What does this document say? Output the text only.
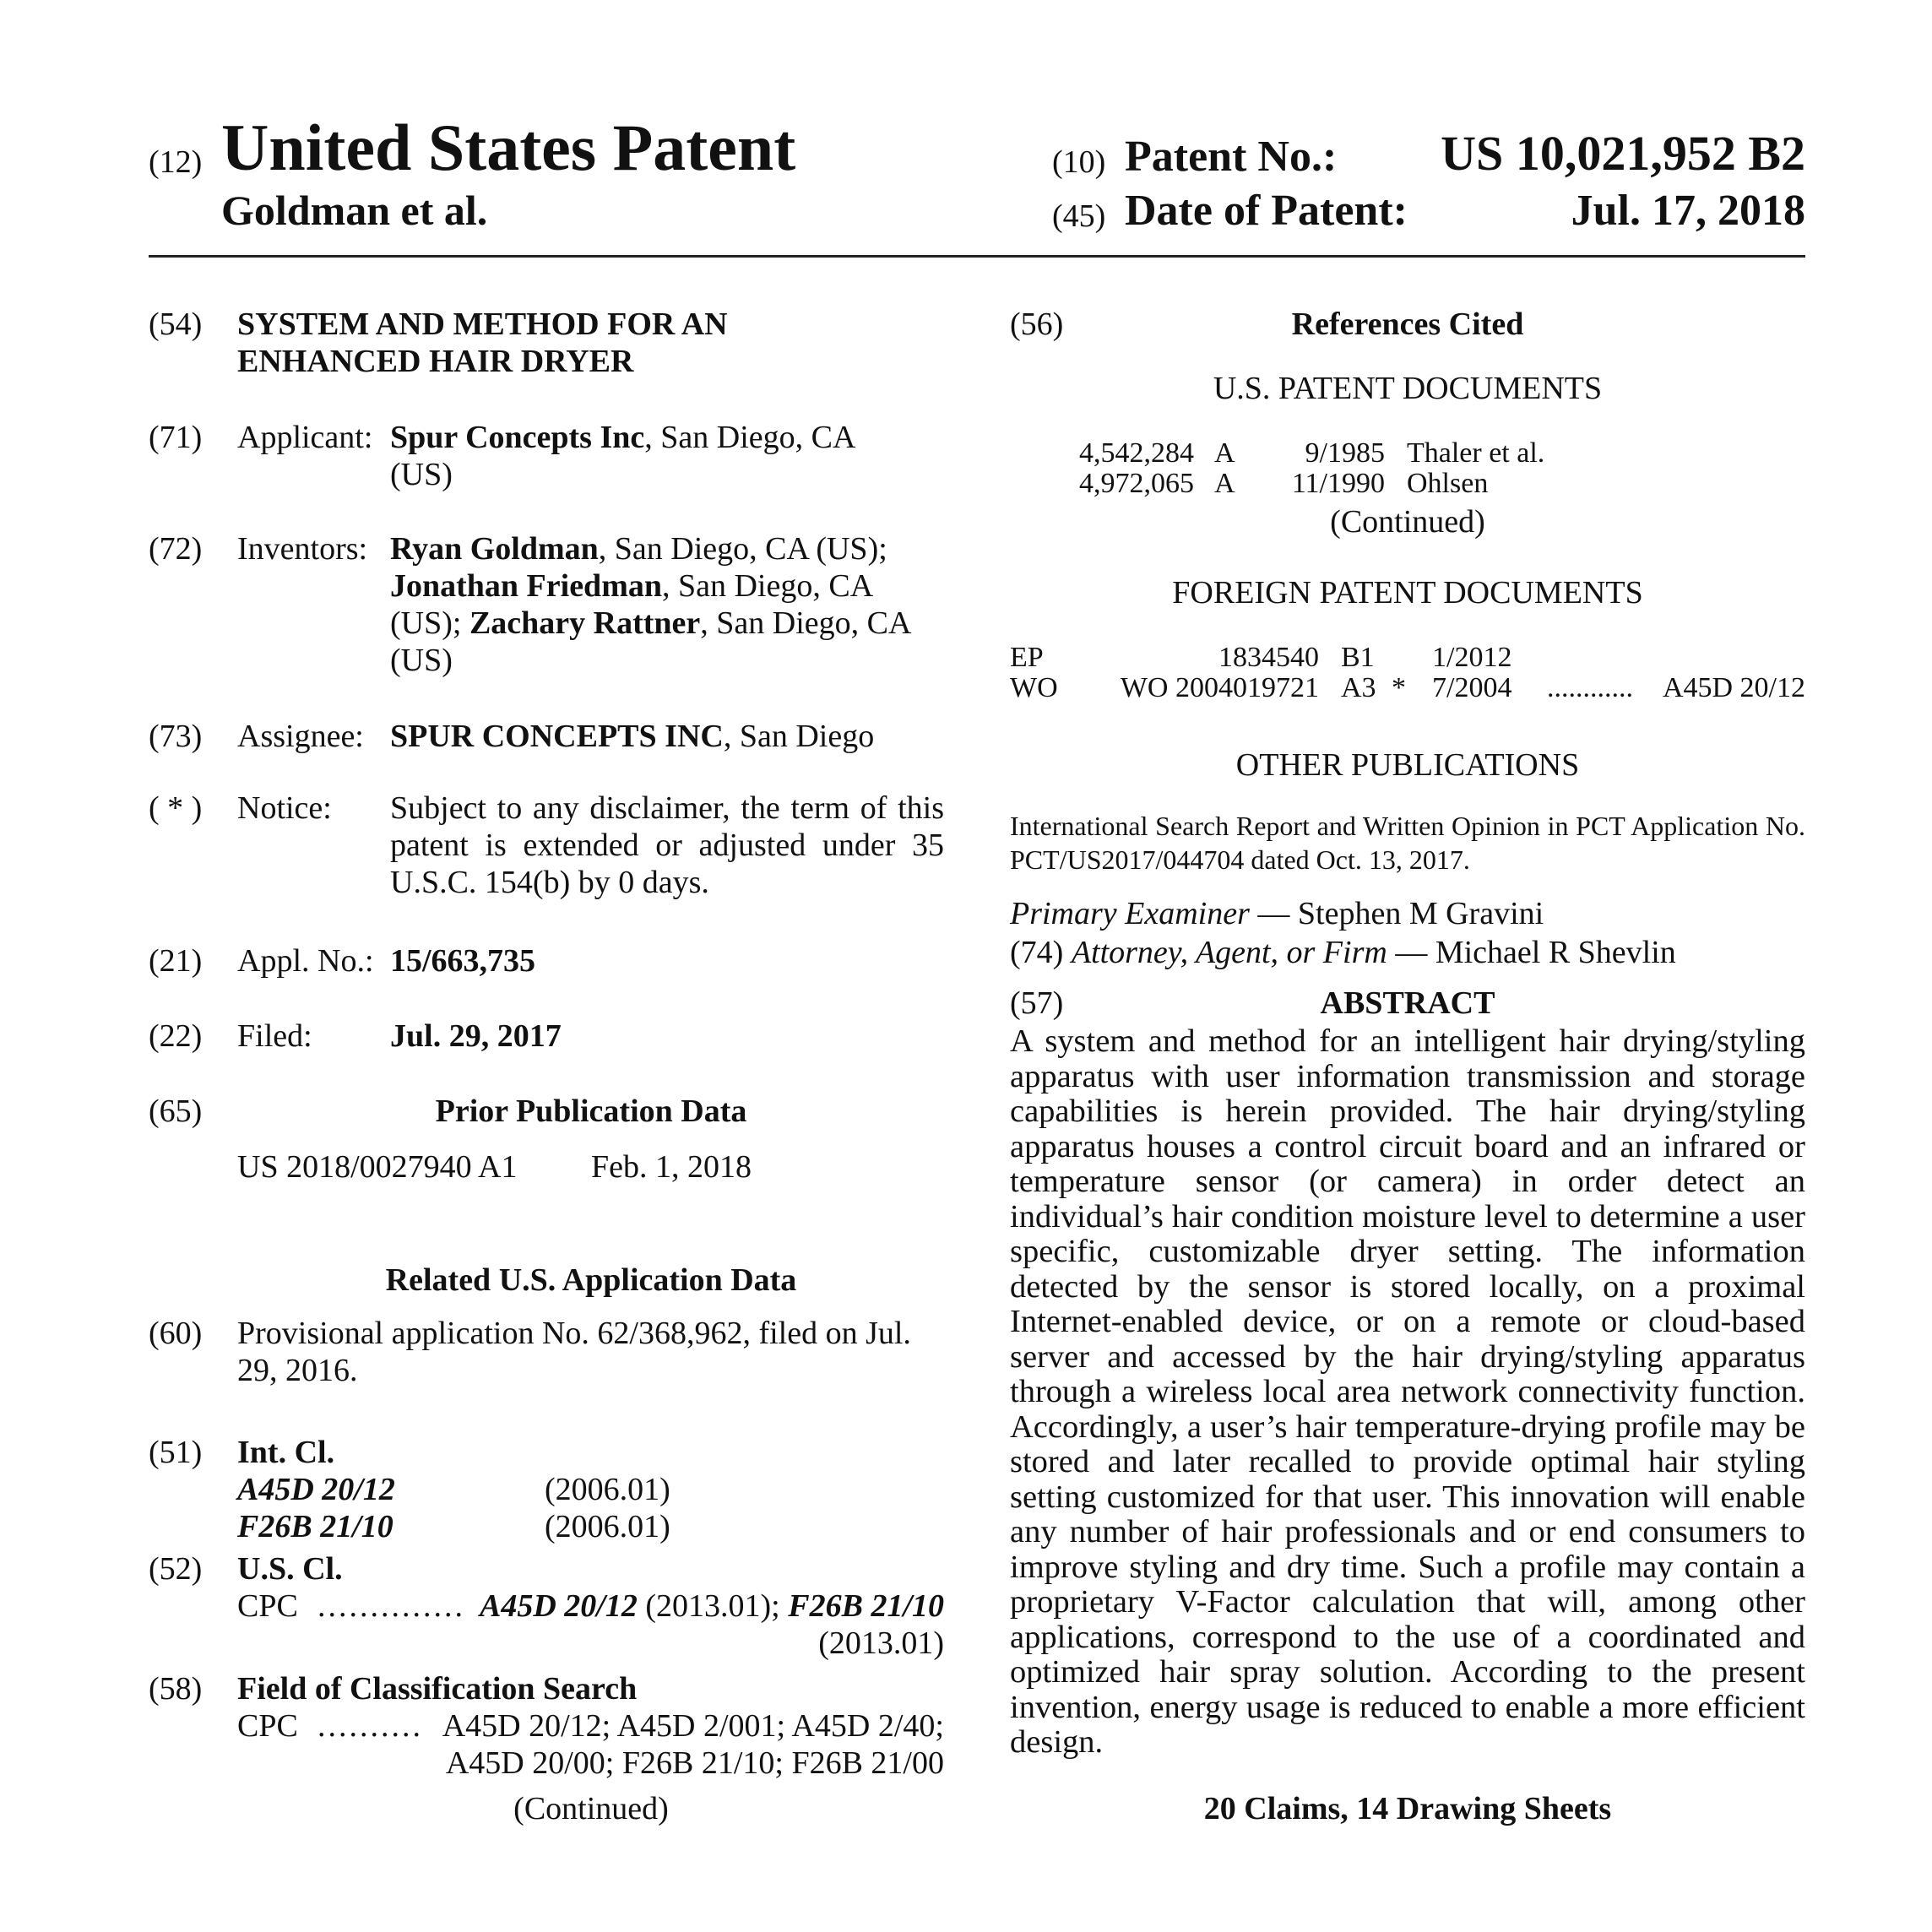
(12) United States Patent
Goldman et al.
(10) Patent No.: US 10,021,952 B2
(45) Date of Patent:	Jul. 17, 2018
(54) SYSTEM AND METHOD FOR AN
ENHANCED HAIR DRYER
(71) Applicant: Spur Concepts Inc, San Diego, CA
(US)
(72) Inventors: Ryan Goldman, San Diego, CA (US);
Jonathan Friedman, San Diego, CA
(US); Zachary Rattner, San Diego, CA
(US)
(73) Assignee: SPUR CONCEPTS INC, San Diego
( * ) Notice: Subject to any disclaimer, the term of this patent is extended or adjusted under 35 U.S.C. 154(b) by 0 days.
(21) Appl. No.: 15/663,735
(22) Filed: Jul. 29, 2017
(65)	Prior Publication Data
US 2018/0027940 A1 Feb. 1, 2018
Related U.S. Application Data
(60) Provisional application No. 62/368,962, filed on Jul. 29, 2016.
(51) Int. Cl.
A45D 20/12	(2006.01)
F26B 21/10	(2006.01)
(52) U.S. Cl.
CPC .............. A45D 20/12 (2013.01); F26B 21/10
(2013.01)
(58) Field of Classification Search
CPC .......... A45D 20/12; A45D 2/001; A45D 2/40;
A45D 20/00; F26B 21/10; F26B 21/00
(Continued)
(56)	References Cited
U.S. PATENT DOCUMENTS
4,542,284 A	9/1985 Thaler et al.
4,972,065 A	11/1990 Ohlsen
(Continued)
FOREIGN PATENT DOCUMENTS
EP	1834540 B1 1/2012
WO WO 2004019721 A3 * 7/2004 ............ A45D 20/12
OTHER PUBLICATIONS
International Search Report and Written Opinion in PCT Application No. PCT/US2017/044704 dated Oct. 13, 2017.
Primary Examiner — Stephen M Gravini
(74) Attorney, Agent, or Firm — Michael R Shevlin
(57)	ABSTRACT
A system and method for an intelligent hair drying/styling apparatus with user information transmission and storage capabilities is herein provided. The hair drying/styling apparatus houses a control circuit board and an infrared or temperature sensor (or camera) in order detect an individual’s hair condition moisture level to determine a user specific, customizable dryer setting. The information detected by the sensor is stored locally, on a proximal Internet-enabled device, or on a remote or cloud-based server and accessed by the hair drying/styling apparatus through a wireless local area network connectivity function. Accordingly, a user’s hair temperature-drying profile may be stored and later recalled to provide optimal hair styling setting customized for that user. This innovation will enable any number of hair professionals and or end consumers to improve styling and dry time. Such a profile may contain a proprietary V-Factor calculation that will, among other applications, correspond to the use of a coordinated and optimized hair spray solution. According to the present invention, energy usage is reduced to enable a more efficient design.
20 Claims, 14 Drawing Sheets
